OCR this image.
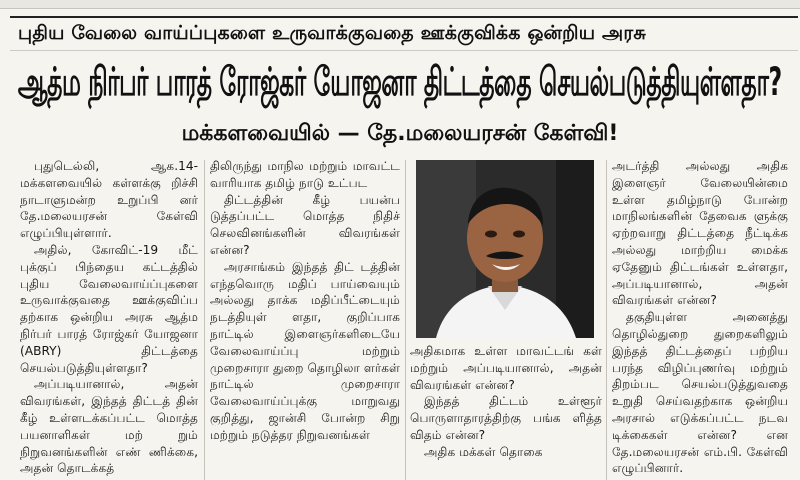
புதிய வேலை வாய்ப்புகளை உருவாக்குவதை ஊக்குவிக்க ஒன்றிய அரசு
ஆத்ம நிர்பர் பாரத் ரோஜ்கர் யோஜனா திட்டத்தை செயல்படுத்தியுள்ளதா?
மக்களவையில் — தே.மலையரசன் கேள்வி!

புதுடெல்லி, ஆக.14- மக்களவையில் கள்ளக்கு றிச்சி நாடாளுமன்ற உறுப்பி னர் தே.மலையரசன் கேள்வி எழுப்பியுள்ளார்.

அதில், கோவிட்-19 மீட் புக்குப் பிந்தைய கட்டத்தில் புதிய வேலைவாய்ப்புகளை உருவாக்குவதை ஊக்குவிப்ப தற்காக ஒன்றிய அரசு ஆத்ம நிர்பர் பாரத் ரோஜ்கர் யோஜனா (ABRY) திட்டத்தை செயல்படுத்தியுள்ளதா?

அப்படியானால், அதன் விவரங்கள், இந்தத் திட்டத் தின் கீழ் உள்ளடக்கப்பட்ட மொத்த பயனாளிகள் மற் றும் நிறுவனங்களின் எண் ணிக்கை, அதன் தொடக்கத்

திலிருந்து மாநில மற்றும் மாவட்ட வாரியாக தமிழ் நாடு உட்பட

திட்டத்தின் கீழ் பயன்ப டுத்தப்பட்ட மொத்த நிதிச் செலவினங்களின் விவரங்கள் என்ன?

அரசாங்கம் இந்தத் திட் டத்தின் எந்தவொரு மதிப் பாய்வையும் அல்லது தாக்க மதிப்பீட்டையும் நடத்தியுள் ளதா, குறிப்பாக நாட்டில் இளைஞர்களிடையே வேலைவாய்ப்பு மற்றும் முறைசாரா துறை தொழிலா ளர்கள் நாட்டில் முறைசாரா வேலைவாய்ப்புக்கு மாறுவது குறித்து, ஜான்சி போன்ற சிறு மற்றும் நடுத்தர நிறுவனங்கள்

அதிகமாக உள்ள மாவட்டங் கள் மற்றும் அப்படியானால், அதன் விவரங்கள் என்ன?

இந்தத் திட்டம் உள்ளூர் பொருளாதாரத்திற்கு பங்க ளித்த விதம் என்ன?

அதிக மக்கள் தொகை

அடர்த்தி அல்லது அதிக இளைஞர் வேலையின்மை உள்ள தமிழ்நாடு போன்ற மாநிலங்களின் தேவைக ளுக்கு ஏற்றவாறு திட்டத்தை நீட்டிக்க அல்லது மாற்றிய மைக்க ஏதேனும் திட்டங்கள் உள்ளதா, அப்படியானால், அதன் விவரங்கள் என்ன?

தகுதியுள்ள அனைத்து தொழில்துறை துறைகளிலும் இந்தத் திட்டத்தைப் பற்றிய பரந்த விழிப்புணர்வு மற்றும் திறம்பட செயல்படுத்துவதை உறுதி செய்வதற்காக ஒன்றிய அரசால் எடுக்கப்பட்ட நடவ டிக்கைகள் என்ன? என தே.மலையரசன் எம்.பி. கேள்வி எழுப்பினார்.
